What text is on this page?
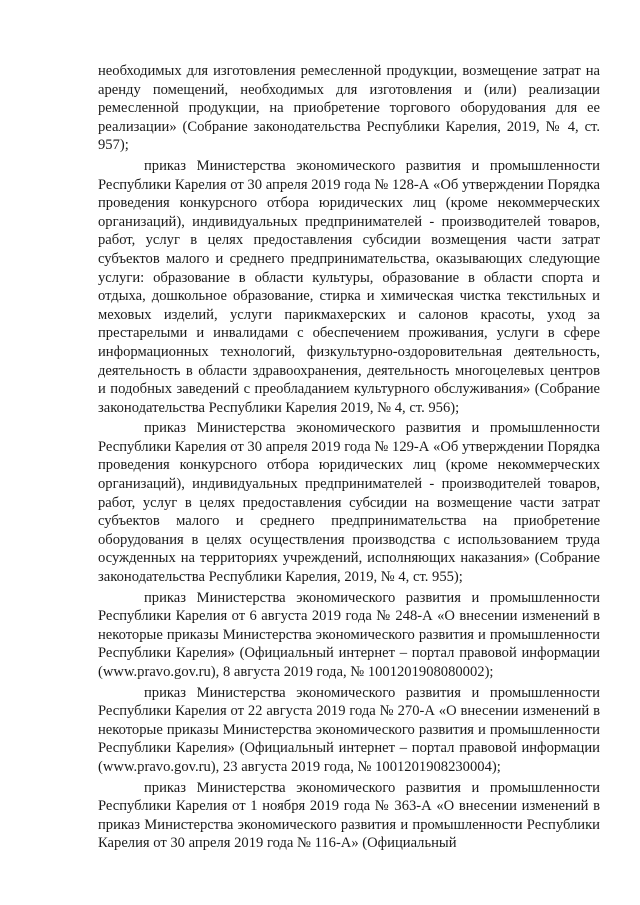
необходимых для изготовления ремесленной продукции, возмещение затрат на аренду помещений, необходимых для изготовления и (или) реализации ремесленной продукции, на приобретение торгового оборудования для ее реализации» (Собрание законодательства Республики Карелия, 2019, № 4, ст. 957);

приказ Министерства экономического развития и промышленности Республики Карелия от 30 апреля 2019 года № 128-А «Об утверждении Порядка проведения конкурсного отбора юридических лиц (кроме некоммерческих организаций), индивидуальных предпринимателей - производителей товаров, работ, услуг в целях предоставления субсидии возмещения части затрат субъектов малого и среднего предпринимательства, оказывающих следующие услуги: образование в области культуры, образование в области спорта и отдыха, дошкольное образование, стирка и химическая чистка текстильных и меховых изделий, услуги парикмахерских и салонов красоты, уход за престарелыми и инвалидами с обеспечением проживания, услуги в сфере информационных технологий, физкультурно-оздоровительная деятельность, деятельность в области здравоохранения, деятельность многоцелевых центров и подобных заведений с преобладанием культурного обслуживания» (Собрание законодательства Республики Карелия 2019, № 4, ст. 956);

приказ Министерства экономического развития и промышленности Республики Карелия от 30 апреля 2019 года № 129-А «Об утверждении Порядка проведения конкурсного отбора юридических лиц (кроме некоммерческих организаций), индивидуальных предпринимателей - производителей товаров, работ, услуг в целях предоставления субсидии на возмещение части затрат субъектов малого и среднего предпринимательства на приобретение оборудования в целях осуществления производства с использованием труда осужденных на территориях учреждений, исполняющих наказания» (Собрание законодательства Республики Карелия, 2019, № 4, ст. 955);

приказ Министерства экономического развития и промышленности Республики Карелия от 6 августа 2019 года № 248-А «О внесении изменений в некоторые приказы Министерства экономического развития и промышленности Республики Карелия» (Официальный интернет – портал правовой информации (www.pravo.gov.ru), 8 августа 2019 года, № 1001201908080002);

приказ Министерства экономического развития и промышленности Республики Карелия от 22 августа 2019 года № 270-А «О внесении изменений в некоторые приказы Министерства экономического развития и промышленности Республики Карелия» (Официальный интернет – портал правовой информации (www.pravo.gov.ru), 23 августа 2019 года, № 1001201908230004);

приказ Министерства экономического развития и промышленности Республики Карелия от 1 ноября 2019 года № 363-А «О внесении изменений в приказ Министерства экономического развития и промышленности Республики Карелия от 30 апреля 2019 года № 116-А» (Официальный
